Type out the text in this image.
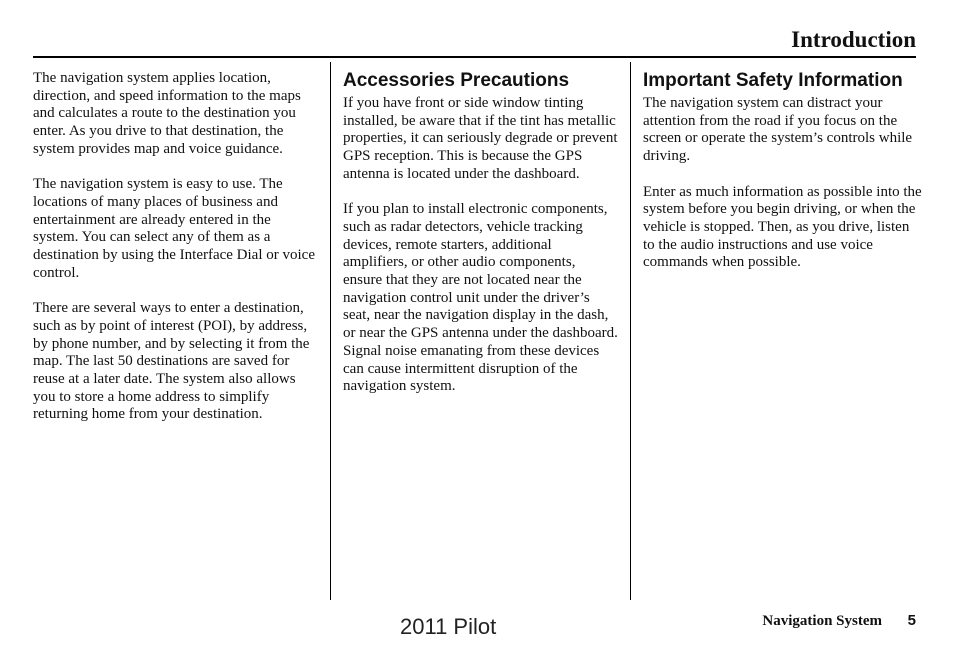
Introduction

The navigation system applies location, direction, and speed information to the maps and calculates a route to the destination you enter. As you drive to that destination, the system provides map and voice guidance.

The navigation system is easy to use. The locations of many places of business and entertainment are already entered in the system. You can select any of them as a destination by using the Interface Dial or voice control.

There are several ways to enter a destination, such as by point of interest (POI), by address, by phone number, and by selecting it from the map. The last 50 destinations are saved for reuse at a later date. The system also allows you to store a home address to simplify returning home from your destination.

Accessories Precautions

If you have front or side window tinting installed, be aware that if the tint has metallic properties, it can seriously degrade or prevent GPS reception. This is because the GPS antenna is located under the dashboard.

If you plan to install electronic components, such as radar detectors, vehicle tracking devices, remote starters, additional amplifiers, or other audio components, ensure that they are not located near the navigation control unit under the driver’s seat, near the navigation display in the dash, or near the GPS antenna under the dashboard. Signal noise emanating from these devices can cause intermittent disruption of the navigation system.

Important Safety Information

The navigation system can distract your attention from the road if you focus on the screen or operate the system’s controls while driving.

Enter as much information as possible into the system before you begin driving, or when the vehicle is stopped. Then, as you drive, listen to the audio instructions and use voice commands when possible.

2011 Pilot	Navigation System 5
